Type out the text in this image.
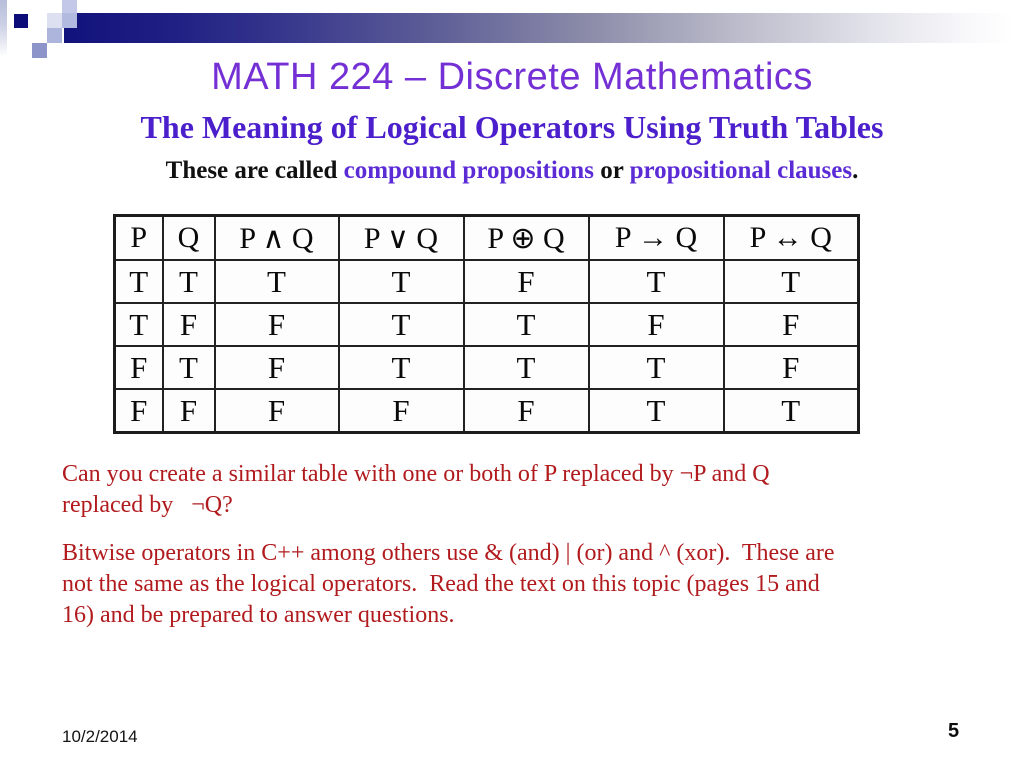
MATH 224 – Discrete Mathematics
The Meaning of Logical Operators Using Truth Tables
These are called compound propositions or propositional clauses.
P	Q	P ∧ Q	P ∨ Q	P ⊕ Q	P → Q	P ↔ Q
T	T	T	T	F	T	T
T	F	F	T	T	F	F
F	T	F	T	T	T	F
F	F	F	F	F	T	T
Can you create a similar table with one or both of P replaced by ¬P and Q
replaced by   ¬Q?
Bitwise operators in C++ among others use & (and) | (or) and ^ (xor).  These are
not the same as the logical operators.  Read the text on this topic (pages 15 and
16) and be prepared to answer questions.
10/2/2014	5
